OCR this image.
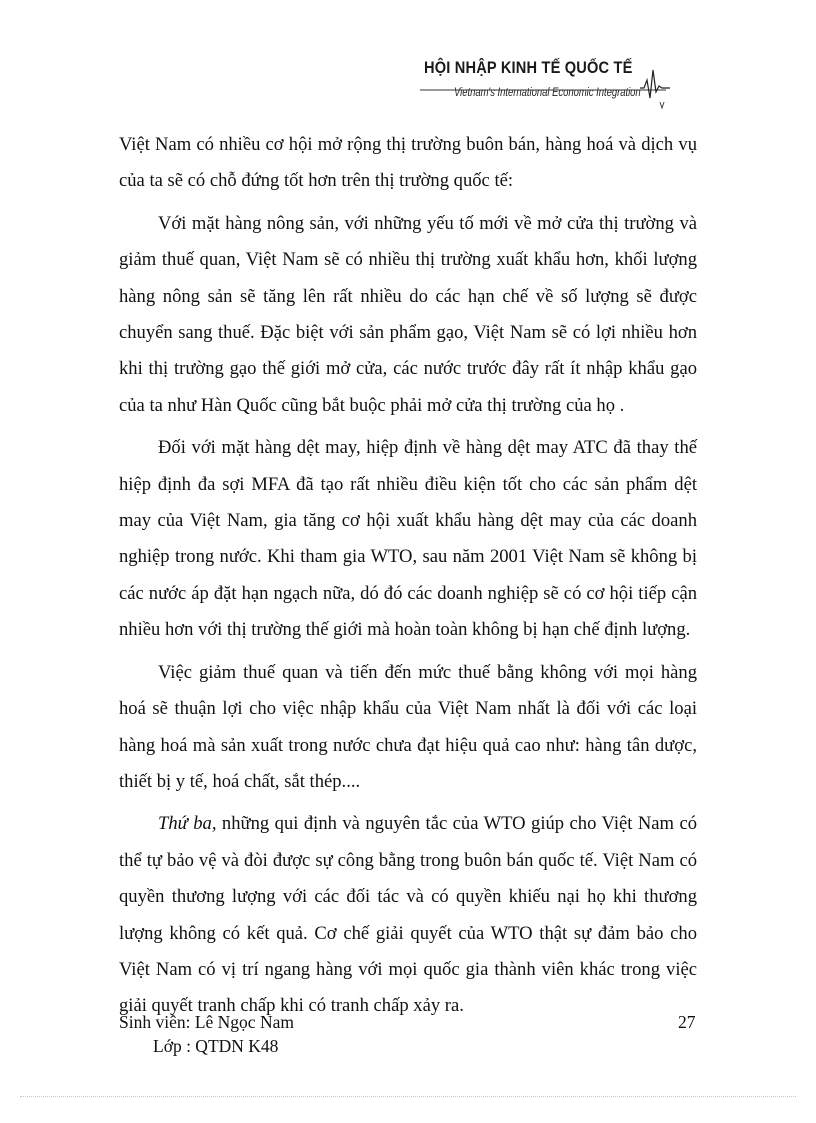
HỘI NHẬP KINH TẾ QUỐC TẾ
Vietnam's International Economic Integration

Việt Nam có nhiều cơ hội mở rộng thị trường buôn bán, hàng hoá và dịch vụ của ta sẽ có chỗ đứng tốt hơn trên thị trường quốc tế:

Với mặt hàng nông sản, với những yếu tố mới về mở cửa thị trường và giảm thuế quan, Việt Nam sẽ có nhiều thị trường xuất khẩu hơn, khối lượng hàng nông sản sẽ tăng lên rất nhiều do các hạn chế về số lượng sẽ được chuyển sang thuế. Đặc biệt với sản phẩm gạo, Việt Nam sẽ có lợi nhiều hơn khi thị trường gạo thế giới mở cửa, các nước trước đây rất ít nhập khẩu gạo của ta như Hàn Quốc cũng bắt buộc phải mở cửa thị trường của họ .

Đối với mặt hàng dệt may, hiệp định về hàng dệt may ATC đã thay thế hiệp định đa sợi MFA đã tạo rất nhiều điều kiện tốt cho các sản phẩm dệt may của Việt Nam, gia tăng cơ hội xuất khẩu hàng dệt may của các doanh nghiệp trong nước. Khi tham gia WTO, sau năm 2001 Việt Nam sẽ không bị các nước áp đặt hạn ngạch nữa, dó đó các doanh nghiệp sẽ có cơ hội tiếp cận nhiều hơn với thị trường thế giới mà hoàn toàn không bị hạn chế định lượng.

Việc giảm thuế quan và tiến đến mức thuế bằng không với mọi hàng hoá sẽ thuận lợi cho việc nhập khẩu của Việt Nam nhất là đối với các loại hàng hoá mà sản xuất trong nước chưa đạt hiệu quả cao như: hàng tân dược, thiết bị y tế, hoá chất, sắt thép....

Thứ ba, những qui định và nguyên tắc của WTO giúp cho Việt Nam có thể tự bảo vệ và đòi được sự công bằng trong buôn bán quốc tế. Việt Nam có quyền thương lượng với các đối tác và có quyền khiếu nại họ khi thương lượng không có kết quả. Cơ chế giải quyết của WTO thật sự đảm bảo cho Việt Nam có vị trí ngang hàng với mọi quốc gia thành viên khác trong việc giải quyết tranh chấp khi có tranh chấp xảy ra.

Sinh viên: Lê Ngọc Nam
Lớp : QTDN K48
27
